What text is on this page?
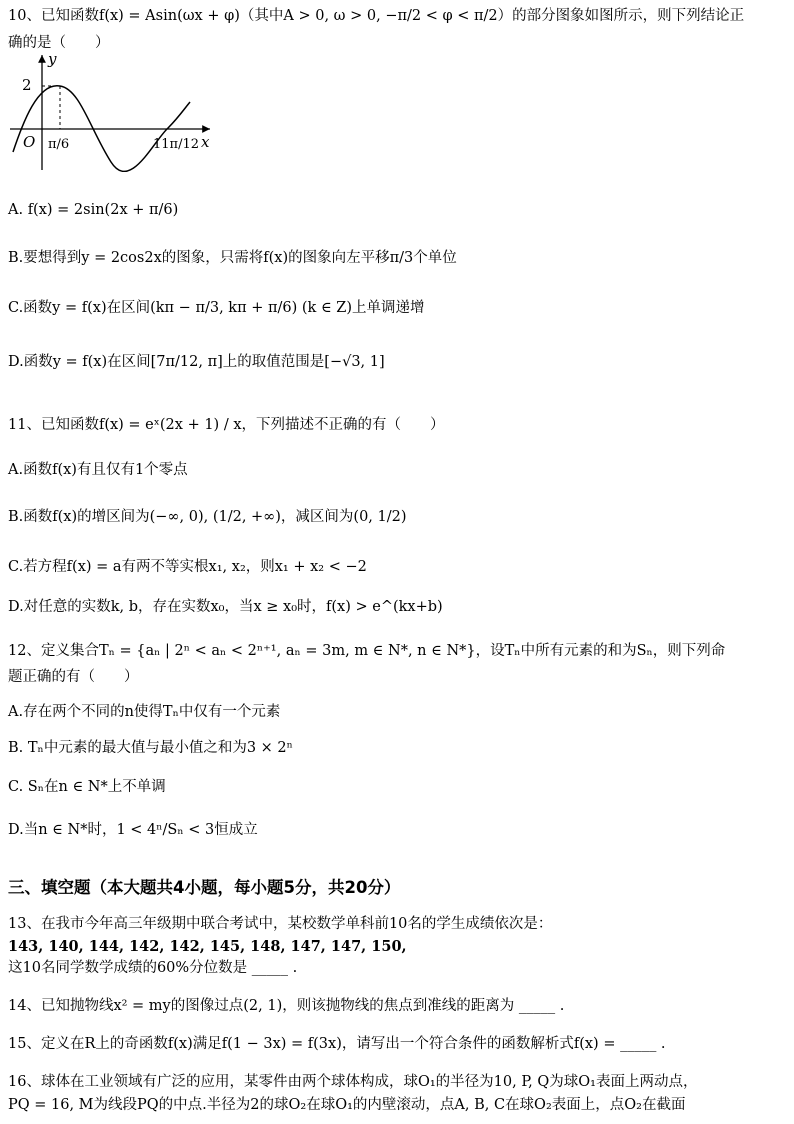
10、已知函数f(x) = Asin(ωx + φ)（其中A > 0, ω > 0, −π/2 < φ < π/2）的部分图象如图所示，则下列结论正
确的是（　　）
y
2
O π/6	11π/12 x
A. f(x) = 2sin(2x + π/6)
B.要想得到y = 2cos2x的图象，只需将f(x)的图象向左平移π/3个单位
C.函数y = f(x)在区间(kπ − π/3, kπ + π/6) (k ∈ Z)上单调递增
D.函数y = f(x)在区间[7π/12, π]上的取值范围是[−√3, 1]
11、已知函数f(x) = eˣ(2x + 1) / x，下列描述不正确的有（　　）
A.函数f(x)有且仅有1个零点
B.函数f(x)的增区间为(−∞, 0), (1/2, +∞)，减区间为(0, 1/2)
C.若方程f(x) = a有两不等实根x₁, x₂，则x₁ + x₂ < −2
D.对任意的实数k, b，存在实数x₀，当x ≥ x₀时，f(x) > e^(kx+b)
12、定义集合Tₙ = {aₙ | 2ⁿ < aₙ < 2ⁿ⁺¹, aₙ = 3m, m ∈ N*, n ∈ N*}，设Tₙ中所有元素的和为Sₙ，则下列命
题正确的有（　　）
A.存在两个不同的n使得Tₙ中仅有一个元素
B. Tₙ中元素的最大值与最小值之和为3 × 2ⁿ
C. Sₙ在n ∈ N*上不单调
D.当n ∈ N*时，1 < 4ⁿ/Sₙ < 3恒成立
三、填空题（本大题共4小题，每小题5分，共20分）
13、在我市今年高三年级期中联合考试中，某校数学单科前10名的学生成绩依次是：
143, 140, 144, 142, 142, 145, 148, 147, 147, 150,
这10名同学数学成绩的60%分位数是 _____ .
14、已知抛物线x² = my的图像过点(2, 1)，则该抛物线的焦点到准线的距离为 _____ .
15、定义在R上的奇函数f(x)满足f(1 − 3x) = f(3x)，请写出一个符合条件的函数解析式f(x) = _____ .
16、球体在工业领域有广泛的应用，某零件由两个球体构成，球O₁的半径为10, P, Q为球O₁表面上两动点，
PQ = 16, M为线段PQ的中点.半径为2的球O₂在球O₁的内壁滚动，点A, B, C在球O₂表面上，点O₂在截面
